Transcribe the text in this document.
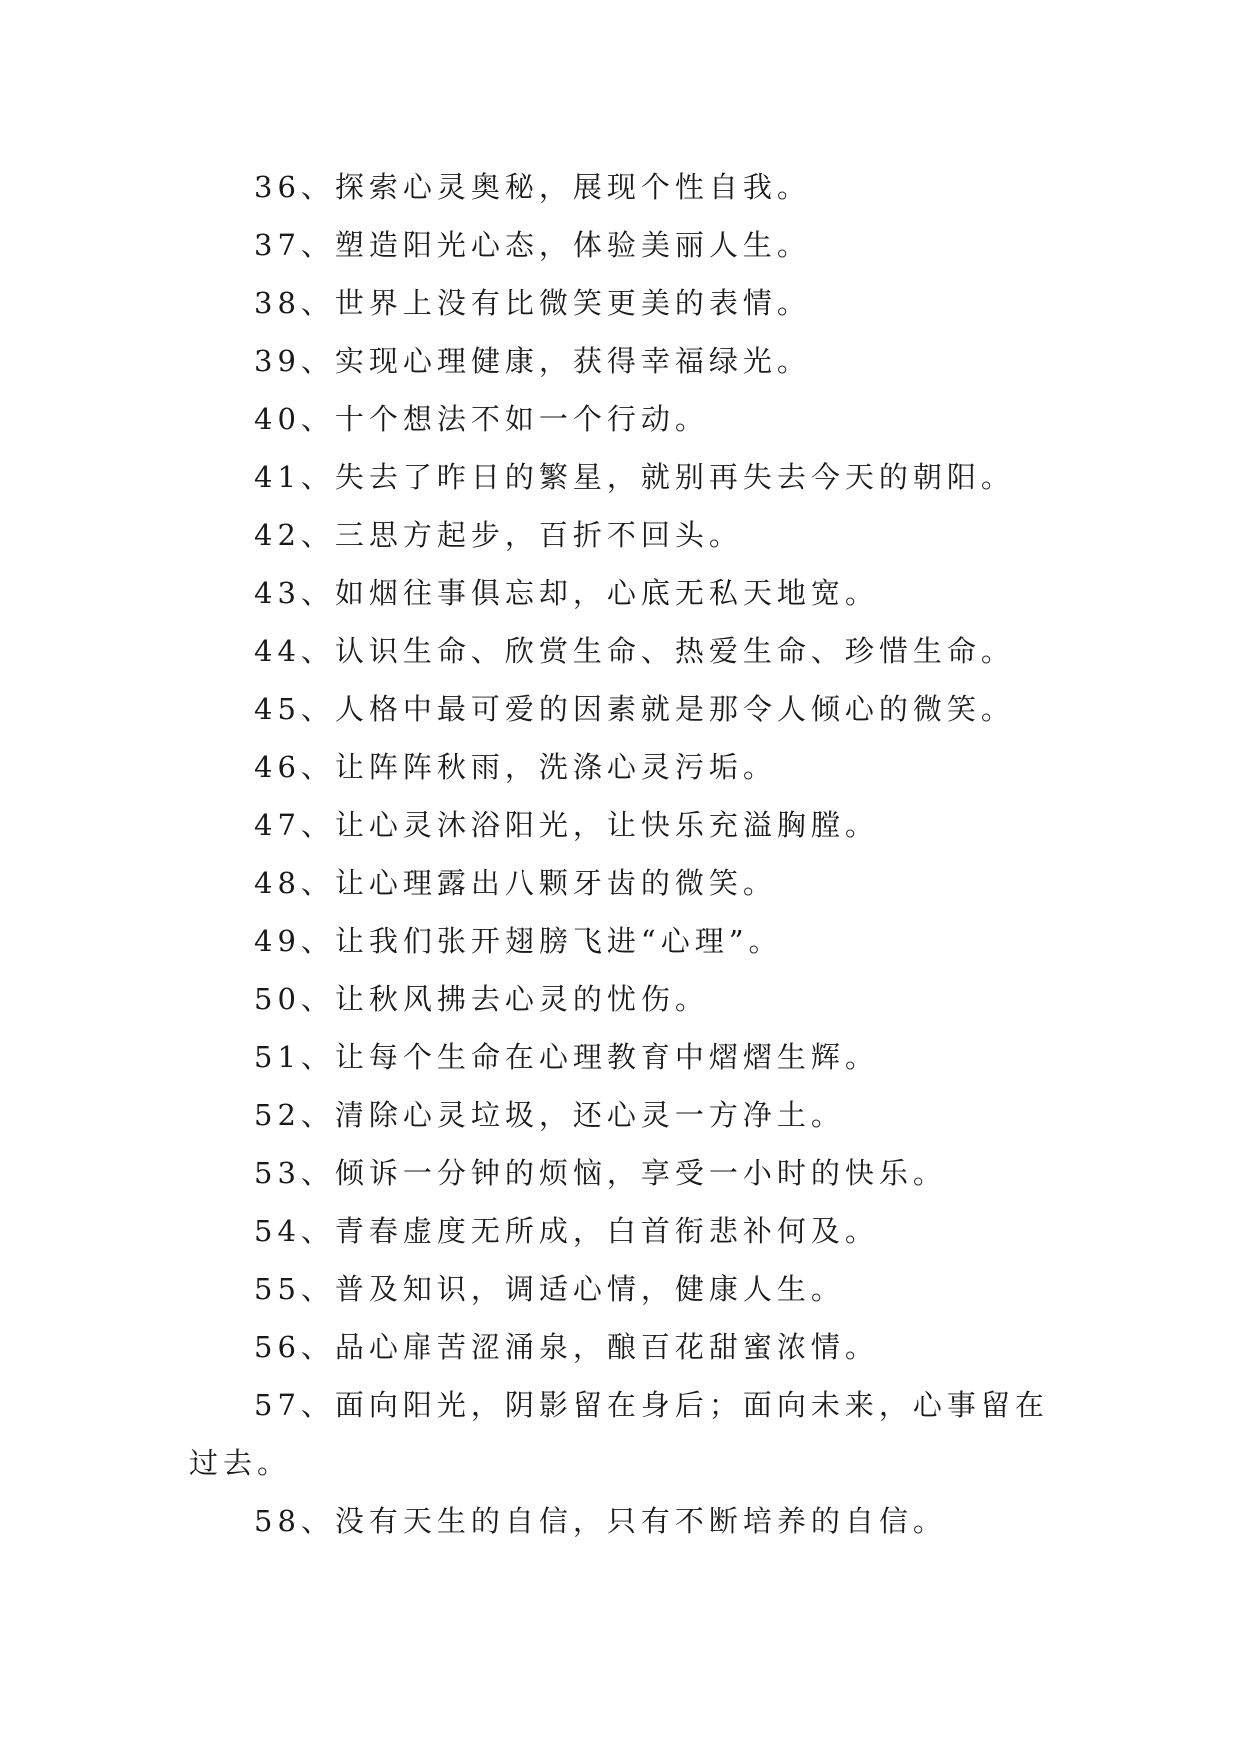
36、探索心灵奥秘，展现个性自我。

37、塑造阳光心态，体验美丽人生。

38、世界上没有比微笑更美的表情。

39、实现心理健康，获得幸福绿光。

40、十个想法不如一个行动。

41、失去了昨日的繁星，就别再失去今天的朝阳。

42、三思方起步，百折不回头。

43、如烟往事俱忘却，心底无私天地宽。

44、认识生命、欣赏生命、热爱生命、珍惜生命。

45、人格中最可爱的因素就是那令人倾心的微笑。

46、让阵阵秋雨，洗涤心灵污垢。

47、让心灵沐浴阳光，让快乐充溢胸膛。

48、让心理露出八颗牙齿的微笑。

49、让我们张开翅膀飞进“心理”。

50、让秋风拂去心灵的忧伤。

51、让每个生命在心理教育中熠熠生辉。

52、清除心灵垃圾，还心灵一方净土。

53、倾诉一分钟的烦恼，享受一小时的快乐。

54、青春虚度无所成，白首衔悲补何及。

55、普及知识，调适心情，健康人生。

56、品心扉苦涩涌泉，酿百花甜蜜浓情。

57、面向阳光，阴影留在身后；面向未来，心事留在过去。

58、没有天生的自信，只有不断培养的自信。
